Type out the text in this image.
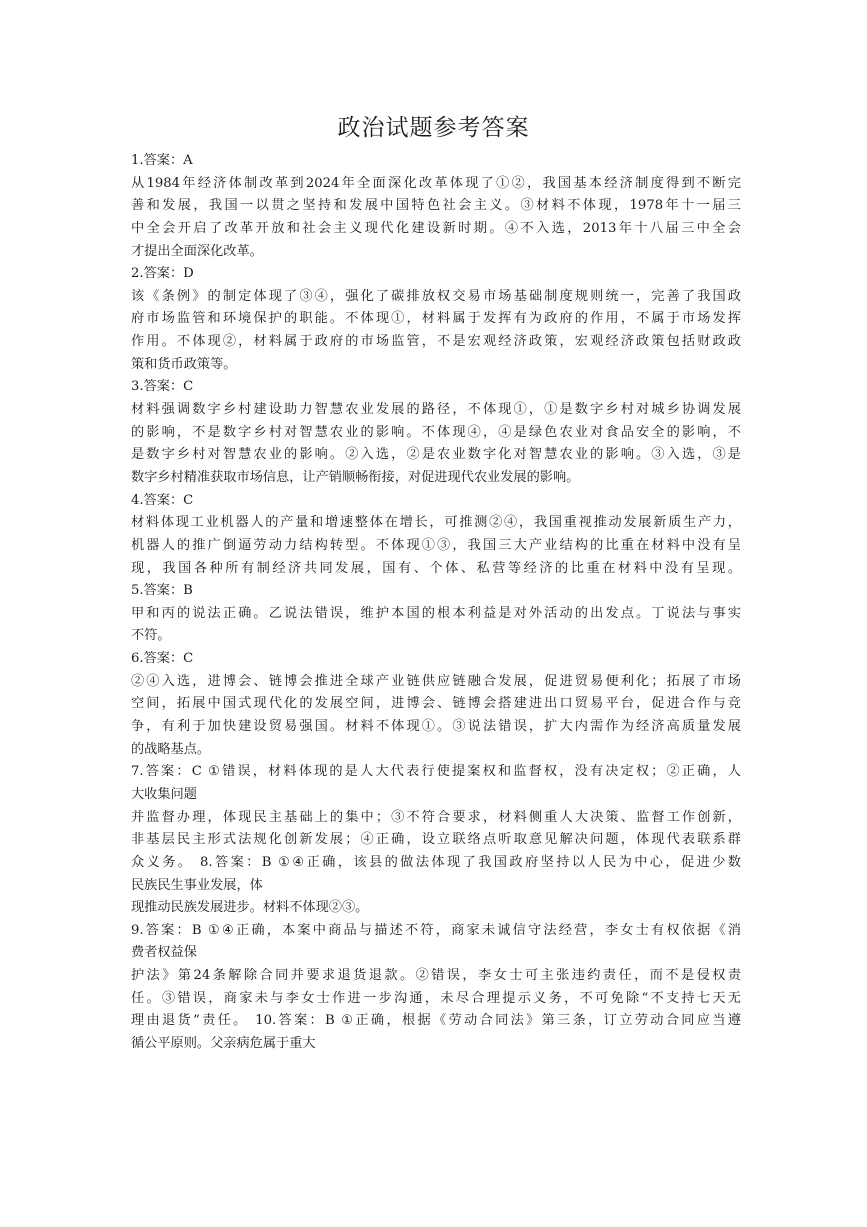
政治试题参考答案
1.答案：A
从1984年经济体制改革到2024年全面深化改革体现了①②，我国基本经济制度得到不断完
善和发展，我国一以贯之坚持和发展中国特色社会主义。③材料不体现，1978年十一届三
中全会开启了改革开放和社会主义现代化建设新时期。④不入选，2013年十八届三中全会
才提出全面深化改革。
2.答案：D
该《条例》的制定体现了③④，强化了碳排放权交易市场基础制度规则统一，完善了我国政
府市场监管和环境保护的职能。不体现①，材料属于发挥有为政府的作用，不属于市场发挥
作用。不体现②，材料属于政府的市场监管，不是宏观经济政策，宏观经济政策包括财政政
策和货币政策等。
3.答案：C
材料强调数字乡村建设助力智慧农业发展的路径，不体现①，①是数字乡村对城乡协调发展
的影响，不是数字乡村对智慧农业的影响。不体现④，④是绿色农业对食品安全的影响，不
是数字乡村对智慧农业的影响。②入选，②是农业数字化对智慧农业的影响。③入选，③是
数字乡村精准获取市场信息，让产销顺畅衔接，对促进现代农业发展的影响。
4.答案：C
材料体现工业机器人的产量和增速整体在增长，可推测②④，我国重视推动发展新质生产力，
机器人的推广倒逼劳动力结构转型。不体现①③，我国三大产业结构的比重在材料中没有呈
现，我国各种所有制经济共同发展，国有、个体、私营等经济的比重在材料中没有呈现。
5.答案：B
甲和丙的说法正确。乙说法错误，维护本国的根本利益是对外活动的出发点。丁说法与事实
不符。
6.答案：C
②④入选，进博会、链博会推进全球产业链供应链融合发展，促进贸易便利化；拓展了市场
空间，拓展中国式现代化的发展空间，进博会、链博会搭建进出口贸易平台，促进合作与竞
争，有利于加快建设贸易强国。材料不体现①。③说法错误，扩大内需作为经济高质量发展
的战略基点。
7.答案：C ①错误，材料体现的是人大代表行使提案权和监督权，没有决定权；②正确，人
大收集问题
并监督办理，体现民主基础上的集中；③不符合要求，材料侧重人大决策、监督工作创新，
非基层民主形式法规化创新发展；④正确，设立联络点听取意见解决问题，体现代表联系群
众义务。 8.答案：B ①④正确，该县的做法体现了我国政府坚持以人民为中心，促进少数
民族民生事业发展，体
现推动民族发展进步。材料不体现②③。
9.答案：B ①④正确，本案中商品与描述不符，商家未诚信守法经营，李女士有权依据《消
费者权益保
护法》第24条解除合同并要求退货退款。②错误，李女士可主张违约责任，而不是侵权责
任。③错误，商家未与李女士作进一步沟通，未尽合理提示义务，不可免除“不支持七天无
理由退货”责任。 10.答案：B ①正确，根据《劳动合同法》第三条，订立劳动合同应当遵
循公平原则。父亲病危属于重大
